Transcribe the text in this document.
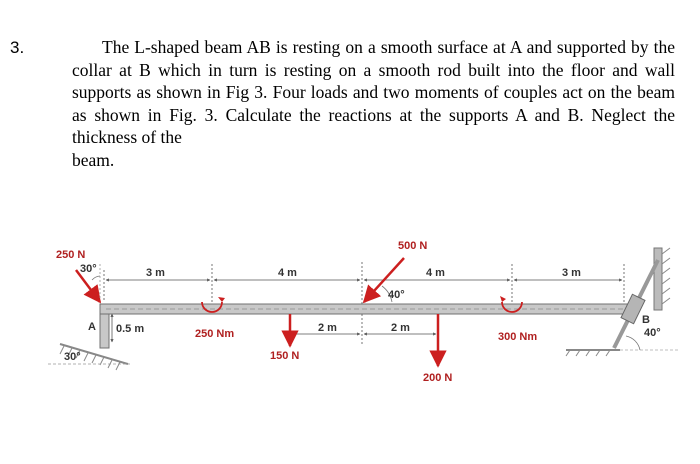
3.	The L-shaped beam AB is resting on a smooth surface at A and supported by the collar at B which in turn is resting on a smooth rod built into the floor and wall supports as shown in Fig 3. Four loads and two moments of couples act on the beam as shown in Fig. 3. Calculate the reactions at the supports A and B. Neglect the thickness of the
beam.
250 N
30°	3 m	4 m
500 N
4 m	3 m
40°
A 0.5 m	250 Nm	2 m	2 m
150 N
300 Nm
B
40°
30°
200 N
